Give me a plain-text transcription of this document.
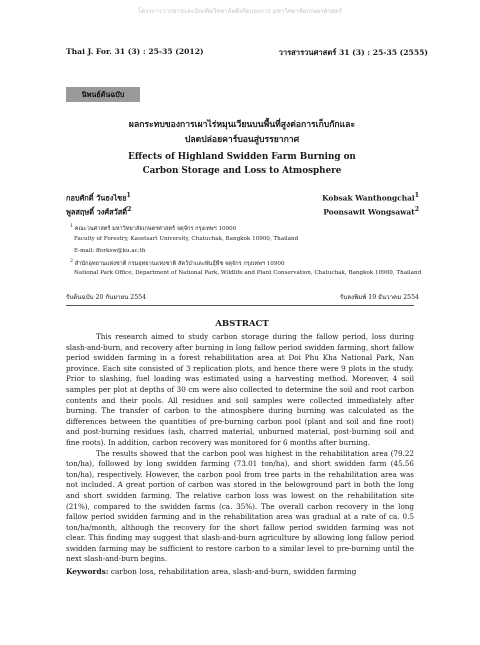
โครงการวารสารและบัณฑิตวิทยาลัยสังกัดกองการ มหาวิทยาลัยเกษตรศาสตร์
Thai J. For. 31 (3) : 25-35 (2012)	วารสารวนศาสตร์ 31 (3) : 25-35 (2555)
นิพนธ์ต้นฉบับ
ผลกระทบของการเผาไร่หมุนเวียนบนพื้นที่สูงต่อการเก็บกักและ
ปลดปล่อยคาร์บอนสู่บรรยากาศ
Effects of Highland Swidden Farm Burning on
Carbon Storage and Loss to Atmosphere
กอบศักดิ์ วันธงไชย$^1$
พูลสฤษดิ์ วงศ์สวัสดิ์$^2$
Kobsak Wanthongchai$^1$
Poonsawit Wongsawat$^2$
$^1$ คณะวนศาสตร์ มหาวิทยาลัยเกษตรศาสตร์ จตุจักร กรุงเทพฯ 10900
Faculty of Forestry, Kasetsart University, Chatuchak, Bangkok 10900, Thailand
E-mail: fforksw@ku.ac.th
$^2$ สำนักอุทยานแห่งชาติ กรมอุทยานแห่งชาติ สัตว์ป่าและพันธุ์พืช จตุจักร กรุงเทพฯ 10900
National Park Office, Department of National Park, Wildlife and Plant Conservation, Chatuchak, Bangkok 10900, Thailand
รับต้นฉบับ 20 กันยายน 2554	รับลงพิมพ์ 19 ธันวาคม 2554
ABSTRACT

This research aimed to study carbon storage during the fallow period, loss during slash-and-burn, and recovery after burning in long fallow period swidden farming, short fallow period swidden farming in a forest rehabilitation area at Doi Phu Kha National Park, Nan province. Each site consisted of 3 replication plots, and hence there were 9 plots in the study. Prior to slashing, fuel loading was estimated using a harvesting method. Moreover, 4 soil samples per plot at depths of 30 cm were also collected to determine the soil and root carbon contents and their pools. All residues and soil samples were collected immediately after burning. The transfer of carbon to the atmosphere during burning was calculated as the differences between the quantities of pre-burning carbon pool (plant and soil and fine root) and post-burning residues (ash, charred material, unburned material, post-burning soil and fine roots). In addition, carbon recovery was monitored for 6 months after burning.

The results showed that the carbon pool was highest in the rehabilitation area (79.22 ton/ha), followed by long swidden farming (73.01 ton/ha), and short swidden farm (45.56 ton/ha), respectively. However, the carbon pool from tree parts in the rehabilitation area was not included. A great portion of carbon was stored in the belowground part in both the long and short swidden farming. The relative carbon loss was lowest on the rehabilitation site (21%), compared to the swidden farms (ca. 35%). The overall carbon recovery in the long fallow period swidden farming and in the rehabilitation area was gradual at a rate of ca. 0.5 ton/ha/month, although the recovery for the short fallow period swidden farming was not clear. This finding may suggest that slash-and-burn agriculture by allowing long fallow period swidden farming may be sufficient to restore carbon to a similar level to pre-burning until the next slash-and-burn begins.

Keywords: carbon loss, rehabilitation area, slash-and-burn, swidden farming
